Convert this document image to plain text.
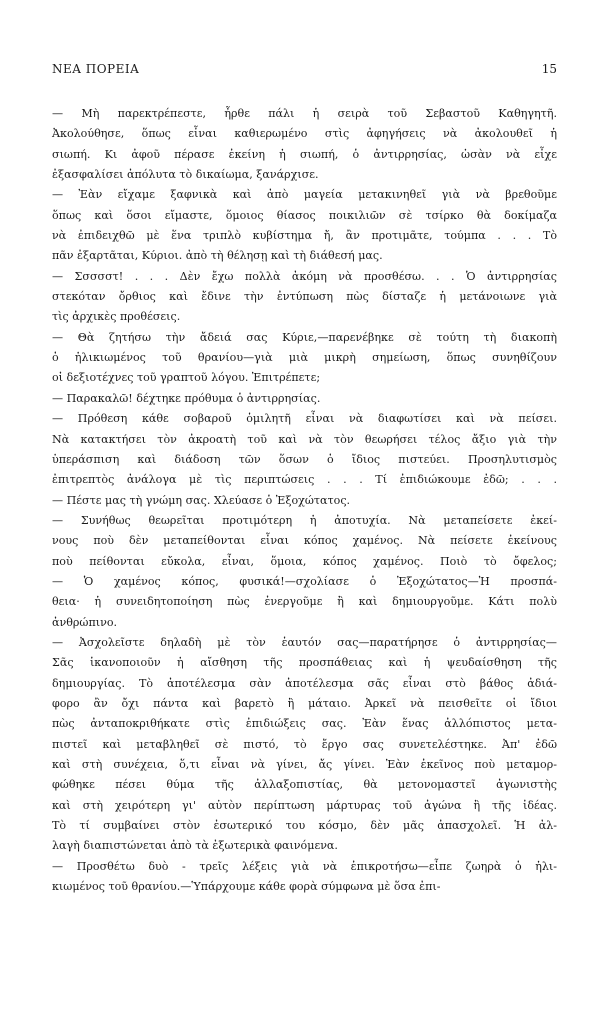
ΝΕΑ ΠΟΡΕΙΑ	15
— Μὴ παρεκτρέπεστε, ἦρθε πάλι ἡ σειρὰ τοῦ Σεβαστοῦ Καθηγητῆ.
Ἀκολούθησε, ὅπως εἶναι καθιερωμένο στὶς ἀφηγήσεις νὰ ἀκολουθεῖ ἡ
σιωπή. Κι ἀφοῦ πέρασε ἐκείνη ἡ σιωπή, ὁ ἀντιρρησίας, ὡσὰν νὰ εἶχε
ἐξασφαλίσει ἀπόλυτα τὸ δικαίωμα, ξανάρχισε.
— Ἐὰν εἴχαμε ξαφνικὰ καὶ ἀπὸ μαγεία μετακινηθεῖ γιὰ νὰ βρεθοῦμε
ὅπως καὶ ὅσοι εἴμαστε, ὅμοιος θίασος ποικιλιῶν σὲ τσίρκο θὰ δοκίμαζα
νὰ ἐπιδειχθῶ μὲ ἕνα τριπλὸ κυβίστημα ἤ, ἂν προτιμᾶτε, τούμπα . . . Τὸ
πᾶν ἐξαρτᾶται, Κύριοι. ἀπὸ τὴ θέλησῃ καὶ τὴ διάθεσή μας.
— Σσσσστ! . . . Δὲν ἔχω πολλὰ ἀκόμη νὰ προσθέσω. . . Ὁ ἀντιρρησίας
στεκόταν ὄρθιος καὶ ἔδινε τὴν ἐντύπωση πὼς δίσταζε ἡ μετάνοιωνε γιὰ
τὶς ἀρχικὲς προθέσεις.
— Θὰ ζητήσω τὴν ἄδειά σας Κύριε,—παρενέβηκε σὲ τούτη τὴ διακοπὴ
ὁ ἡλικιωμένος τοῦ θρανίου—γιὰ μιὰ μικρὴ σημείωση, ὅπως συνηθίζουν
οἱ δεξιοτέχνες τοῦ γραπτοῦ λόγου. Ἐπιτρέπετε;
— Παρακαλῶ! δέχτηκε πρόθυμα ὁ ἀντιρρησίας.
— Πρόθεση κάθε σοβαροῦ ὁμιλητῆ εἶναι νὰ διαφωτίσει καὶ νὰ πείσει.
Νὰ κατακτήσει τὸν ἀκροατὴ τοῦ καὶ νὰ τὸν θεωρήσει τέλος ἄξιο γιὰ τὴν
ὑπεράσπιση καὶ διάδοση τῶν ὅσων ὁ ἴδιος πιστεύει. Προσηλυτισμὸς
ἐπιτρεπτὸς ἀνάλογα μὲ τὶς περιπτώσεις . . . Τί ἐπιδιώκουμε ἐδῶ; . . .
— Πέστε μας τὴ γνώμη σας. Χλεύασε ὁ Ἐξοχώτατος.
— Συνήθως θεωρεῖται προτιμότερη ἡ ἀποτυχία. Νὰ μεταπείσετε ἐκεί-
νους ποὺ δὲν μεταπείθονται εἶναι κόπος χαμένος. Νὰ πείσετε ἐκείνους
ποὺ πείθονται εὔκολα, εἶναι, ὅμοια, κόπος χαμένος. Ποιὸ τὸ ὄφελος;
— Ὁ χαμένος κόπος, φυσικά!—σχολίασε ὁ Ἐξοχώτατος—Ἡ προσπά-
θεια· ἡ συνειδητοποίηση πὼς ἐνεργοῦμε ἢ καὶ δημιουργοῦμε. Κάτι πολὺ
ἀνθρώπινο.
— Ἀσχολεῖστε δηλαδὴ μὲ τὸν ἑαυτόν σας—παρατήρησε ὁ ἀντιρρησίας—
Σᾶς ἱκανοποιοῦν ἡ αἴσθηση τῆς προσπάθειας καὶ ἡ ψευδαίσθηση τῆς
δημιουργίας. Τὸ ἀποτέλεσμα σὰν ἀποτέλεσμα σᾶς εἶναι στὸ βάθος ἀδιά-
φορο ἂν ὄχι πάντα καὶ βαρετὸ ἢ μάταιο. Ἀρκεῖ νὰ πεισθεῖτε οἱ ἴδιοι
πὼς ἀνταποκριθήκατε στὶς ἐπιδιώξεις σας. Ἐὰν ἕνας ἀλλόπιστος μετα-
πιστεῖ καὶ μεταβληθεῖ σὲ πιστό, τὸ ἔργο σας συνετελέστηκε. Ἀπ' ἐδῶ
καὶ στὴ συνέχεια, ὅ,τι εἶναι νὰ γίνει, ἄς γίνει. Ἐὰν ἐκεῖνος ποὺ μεταμορ-
φώθηκε πέσει θύμα τῆς ἀλλαξοπιστίας, θὰ μετονομαστεῖ ἀγωνιστὴς
καὶ στὴ χειρότερη γι' αὐτὸν περίπτωση μάρτυρας τοῦ ἀγώνα ἢ τῆς ἰδέας.
Τὸ τί συμβαίνει στὸν ἐσωτερικό του κόσμο, δὲν μᾶς ἀπασχολεῖ. Ἡ ἀλ-
λαγὴ διαπιστώνεται ἀπὸ τὰ ἐξωτερικὰ φαινόμενα.
— Προσθέτω δυὸ - τρεῖς λέξεις γιὰ νὰ ἐπικροτήσω—εἶπε ζωηρὰ ὁ ἡλι-
κιωμένος τοῦ θρανίου.—Ὑπάρχουμε κάθε φορὰ σύμφωνα μὲ ὅσα ἐπι-
